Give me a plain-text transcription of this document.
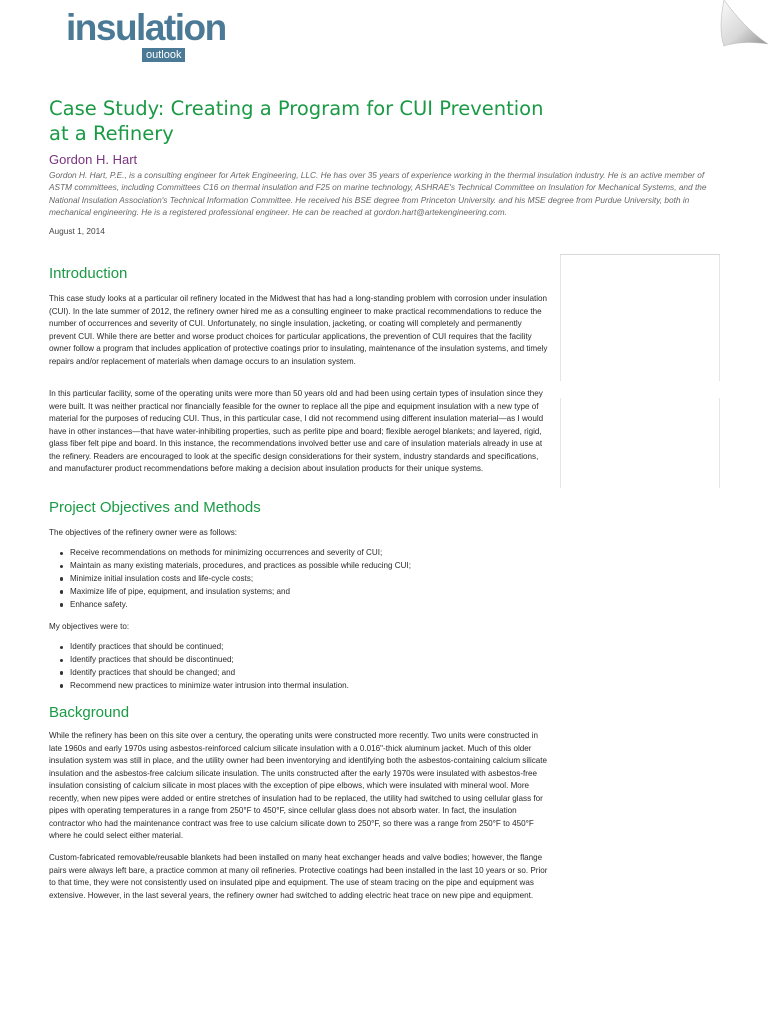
insulation
outlook
Case Study: Creating a Program for CUI Prevention at a Refinery
Gordon H. Hart

Gordon H. Hart, P.E., is a consulting engineer for Artek Engineering, LLC. He has over 35 years of experience working in the thermal insulation industry. He is an active member of ASTM committees, including Committees C16 on thermal insulation and F25 on marine technology, ASHRAE's Technical Committee on Insulation for Mechanical Systems, and the National Insulation Association's Technical Information Committee. He received his BSE degree from Princeton University. and his MSE degree from Purdue University, both in mechanical engineering. He is a registered professional engineer. He can be reached at gordon.hart@artekengineering.com.

August 1, 2014
Introduction

This case study looks at a particular oil refinery located in the Midwest that has had a long-standing problem with corrosion under insulation (CUI). In the late summer of 2012, the refinery owner hired me as a consulting engineer to make practical recommendations to reduce the number of occurrences and severity of CUI. Unfortunately, no single insulation, jacketing, or coating will completely and permanently prevent CUI. While there are better and worse product choices for particular applications, the prevention of CUI requires that the facility owner follow a program that includes application of protective coatings prior to insulating, maintenance of the insulation systems, and timely repairs and/or replacement of materials when damage occurs to an insulation system.

In this particular facility, some of the operating units were more than 50 years old and had been using certain types of insulation since they were built. It was neither practical nor financially feasible for the owner to replace all the pipe and equipment insulation with a new type of material for the purposes of reducing CUI. Thus, in this particular case, I did not recommend using different insulation material—as I would have in other instances—that have water-inhibiting properties, such as perlite pipe and board; flexible aerogel blankets; and layered, rigid, glass fiber felt pipe and board. In this instance, the recommendations involved better use and care of insulation materials already in use at the refinery. Readers are encouraged to look at the specific design considerations for their system, industry standards and specifications, and manufacturer product recommendations before making a decision about insulation products for their unique systems.

Project Objectives and Methods

The objectives of the refinery owner were as follows:

Receive recommendations on methods for minimizing occurrences and severity of CUI;
Maintain as many existing materials, procedures, and practices as possible while reducing CUI;
Minimize initial insulation costs and life-cycle costs;
Maximize life of pipe, equipment, and insulation systems; and
Enhance safety.

My objectives were to:

Identify practices that should be continued;
Identify practices that should be discontinued;
Identify practices that should be changed; and
Recommend new practices to minimize water intrusion into thermal insulation.
Background

While the refinery has been on this site over a century, the operating units were constructed more recently. Two units were constructed in late 1960s and early 1970s using asbestos-reinforced calcium silicate insulation with a 0.016"-thick aluminum jacket. Much of this older insulation system was still in place, and the utility owner had been inventorying and identifying both the asbestos-containing calcium silicate insulation and the asbestos-free calcium silicate insulation. The units constructed after the early 1970s were insulated with asbestos-free insulation consisting of calcium silicate in most places with the exception of pipe elbows, which were insulated with mineral wool. More recently, when new pipes were added or entire stretches of insulation had to be replaced, the utility had switched to using cellular glass for pipes with operating temperatures in a range from 250°F to 450°F, since cellular glass does not absorb water. In fact, the insulation contractor who had the maintenance contract was free to use calcium silicate down to 250°F, so there was a range from 250°F to 450°F where he could select either material.

Custom-fabricated removable/reusable blankets had been installed on many heat exchanger heads and valve bodies; however, the flange pairs were always left bare, a practice common at many oil refineries. Protective coatings had been installed in the last 10 years or so. Prior to that time, they were not consistently used on insulated pipe and equipment. The use of steam tracing on the pipe and equipment was extensive. However, in the last several years, the refinery owner had switched to adding electric heat trace on new pipe and equipment.
